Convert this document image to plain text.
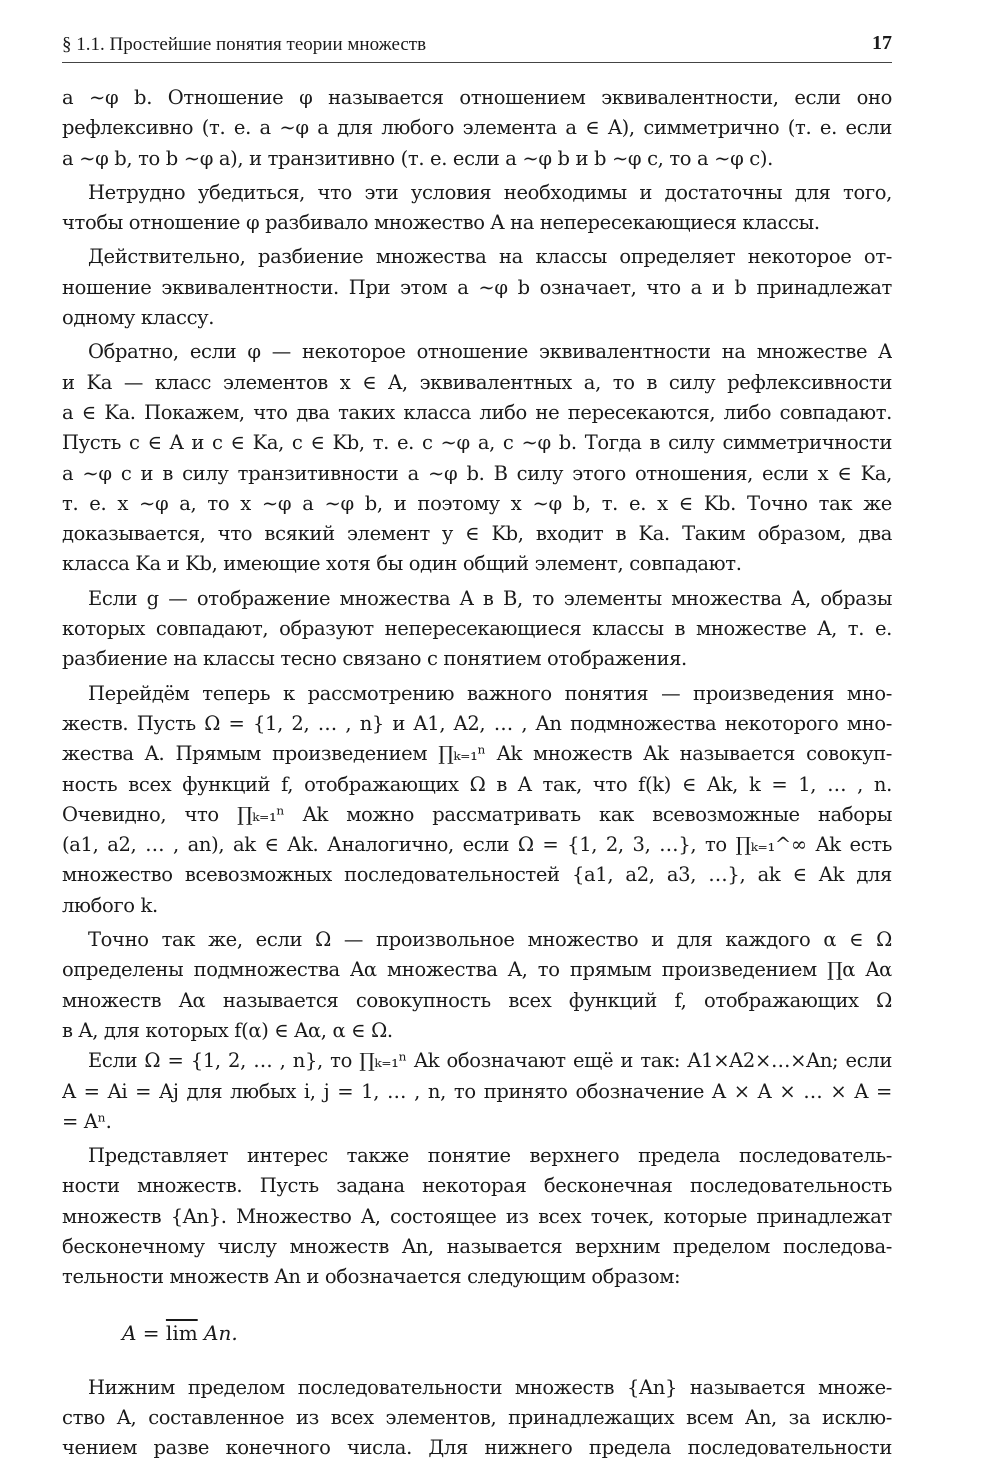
§ 1.1. Простейшие понятия теории множеств	17
a ∼φ b. Отношение φ называется отношением эквивалентности, если оно
рефлексивно (т. е. a ∼φ a для любого элемента a ∈ A), симметрично (т. е. если
a ∼φ b, то b ∼φ a), и транзитивно (т. е. если a ∼φ b и b ∼φ c, то a ∼φ c).
Нетрудно убедиться, что эти условия необходимы и достаточны для того,
чтобы отношение φ разбивало множество A на непересекающиеся классы.
Действительно, разбиение множества на классы определяет некоторое от-
ношение эквивалентности. При этом a ∼φ b означает, что a и b принадлежат
одному классу.
Обратно, если φ — некоторое отношение эквивалентности на множестве A
и Ka — класс элементов x ∈ A, эквивалентных a, то в силу рефлексивности
a ∈ Ka. Покажем, что два таких класса либо не пересекаются, либо совпадают.
Пусть c ∈ A и c ∈ Ka, c ∈ Kb, т. е. c ∼φ a, c ∼φ b. Тогда в силу симметричности
a ∼φ c и в силу транзитивности a ∼φ b. В силу этого отношения, если x ∈ Ka,
т. е. x ∼φ a, то x ∼φ a ∼φ b, и поэтому x ∼φ b, т. е. x ∈ Kb. Точно так же
доказывается, что всякий элемент y ∈ Kb, входит в Ka. Таким образом, два
класса Ka и Kb, имеющие хотя бы один общий элемент, совпадают.
Если g — отображение множества A в B, то элементы множества A, образы
которых совпадают, образуют непересекающиеся классы в множестве A, т. е.
разбиение на классы тесно связано с понятием отображения.
Перейдём теперь к рассмотрению важного понятия — произведения мно-
жеств. Пусть Ω = {1, 2, … , n} и A1, A2, … , An подмножества некоторого мно-
жества A. Прямым произведением ∏ₖ₌₁ⁿ Ak множеств Ak называется совокуп-
ность всех функций f, отображающих Ω в A так, что f(k) ∈ Ak, k = 1, … , n.
Очевидно, что ∏ₖ₌₁ⁿ Ak можно рассматривать как всевозможные наборы
(a1, a2, … , an), ak ∈ Ak. Аналогично, если Ω = {1, 2, 3, …}, то ∏ₖ₌₁^∞ Ak есть
множество всевозможных последовательностей {a1, a2, a3, …}, ak ∈ Ak для
любого k.
Точно так же, если Ω — произвольное множество и для каждого α ∈ Ω
определены подмножества Aα множества A, то прямым произведением ∏α Aα
множеств Aα называется совокупность всех функций f, отображающих Ω
в A, для которых f(α) ∈ Aα, α ∈ Ω.
Если Ω = {1, 2, … , n}, то ∏ₖ₌₁ⁿ Ak обозначают ещё и так: A1×A2×…×An; если
A = Ai = Aj для любых i, j = 1, … , n, то принято обозначение A × A × … × A =
= Aⁿ.
Представляет интерес также понятие верхнего предела последователь-
ности множеств. Пусть задана некоторая бесконечная последовательность
множеств {An}. Множество A, состоящее из всех точек, которые принадлежат
бесконечному числу множеств An, называется верхним пределом последова-
тельности множеств An и обозначается следующим образом:
$A = \overline{lim}$ An.
Нижним пределом последовательности множеств {An} называется множе-
ство A, составленное из всех элементов, принадлежащих всем An, за исклю-
чением разве конечного числа. Для нижнего предела последовательности
